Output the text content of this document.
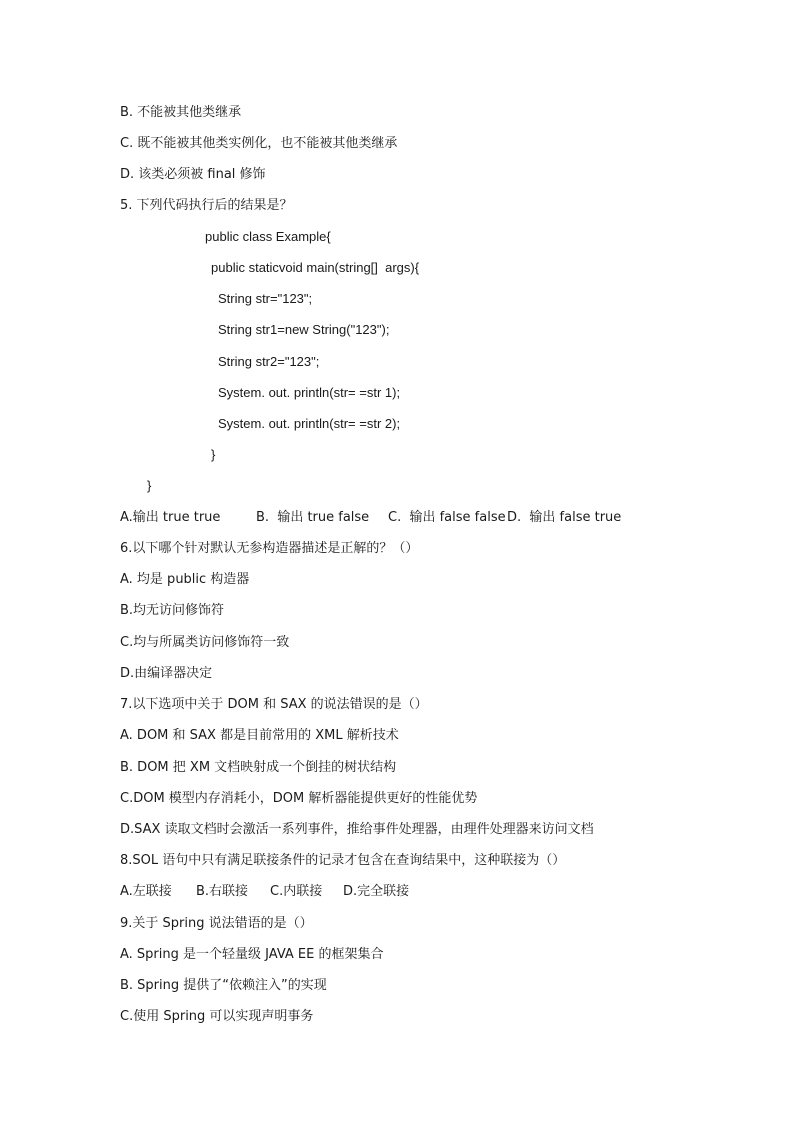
B. 不能被其他类继承
C. 既不能被其他类实例化，也不能被其他类继承
D. 该类必须被 final 修饰
5. 下列代码执行后的结果是？
public class Example{
public staticvoid main(string[]  args){
String str="123";
String str1=new String("123");
String str2="123";
System. out. println(str= =str 1);
System. out. println(str= =str 2);
}
}
A.输出 true true	B.  输出 true false C.  输出 false false D.  输出 false true
6.以下哪个针对默认无参构造器描述是正解的？（）
A. 均是 public 构造器
B.均无访问修饰符
C.均与所属类访问修饰符一致
D.由编译器决定
7.以下选项中关于 DOM 和 SAX 的说法错误的是（）
A. DOM 和 SAX 都是目前常用的 XML 解析技术
B. DOM 把 XM 文档映射成一个倒挂的树状结构
C.DOM 模型内存消耗小，DOM 解析器能提供更好的性能优势
D.SAX 读取文档时会激活一系列事件，推给事件处理器，由理件处理器来访问文档
8.SOL 语句中只有满足联接条件的记录才包含在查询结果中，这种联接为（）
A.左联接 B.右联接 C.内联接 D.完全联接
9.关于 Spring 说法错语的是（）
A. Spring 是一个轻量级 JAVA EE 的框架集合
B. Spring 提供了“依赖注入”的实现
C.使用 Spring 可以实现声明事务
